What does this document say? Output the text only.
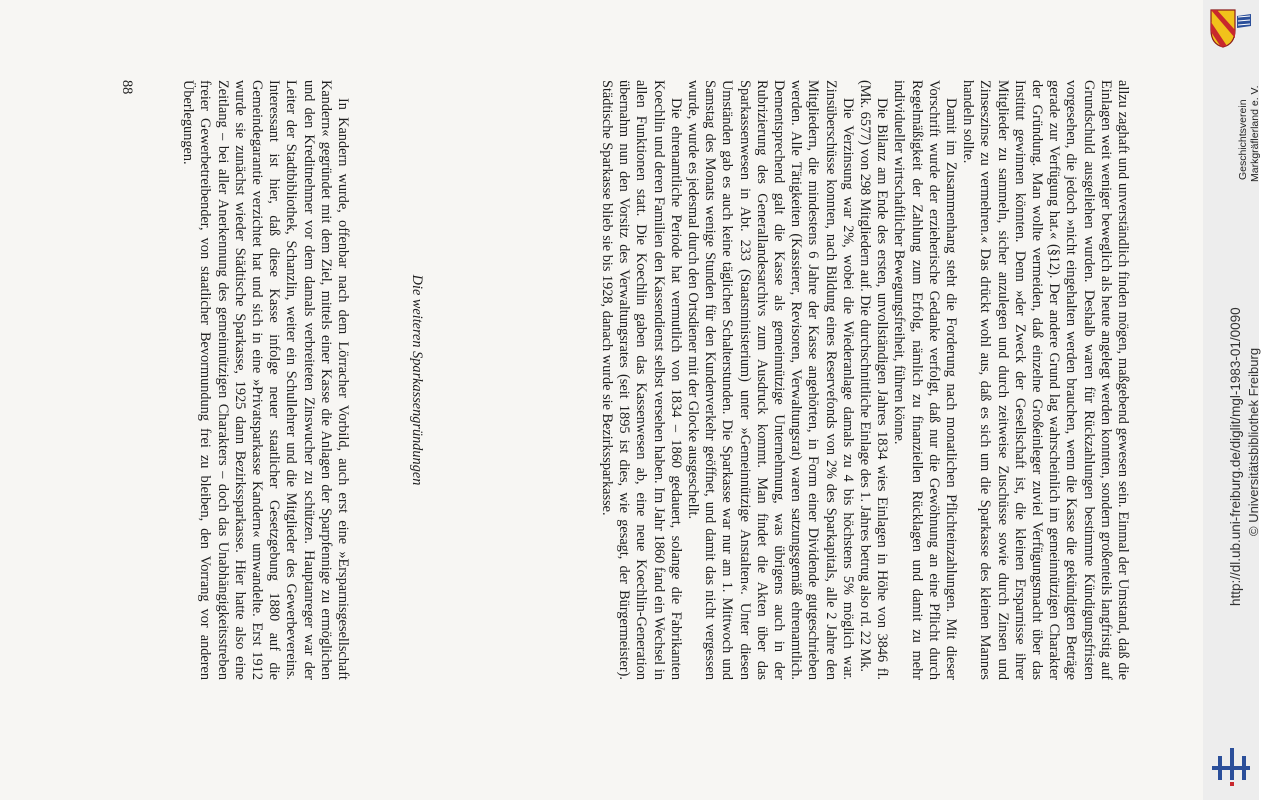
allzu zaghaft und unverständlich finden mögen, maßgebend gewesen sein. Einmal der Umstand, daß die Einlagen weit weniger beweglich als heute angelegt werden konnten, sondern großenteils langfristig auf Grundschuld ausgeliehen wurden. Deshalb waren für Rückzahlungen bestimmte Kündigungsfristen vorgesehen, die jedoch »nicht eingehalten werden brauchen, wenn die Kasse die gekündigten Beträge gerade zur Verfügung hat.« (§12). Der andere Grund lag wahrscheinlich im gemeinnützigen Charakter der Gründung. Man wollte vermeiden, daß einzelne Großeinleger zuviel Verfügungsmacht über das Institut gewinnen könnten. Denn »der Zweck der Gesellschaft ist, die kleinen Ersparnisse ihrer Mitglieder zu sammeln, sicher anzulegen und durch zeitweise Zuschüsse sowie durch Zinsen und Zinseszinse zu vermehren.« Das drückt wohl aus, daß es sich um die Sparkasse des kleinen Mannes handeln sollte.

Damit im Zusammenhang steht die Forderung nach monatlichen Pflichteinzahlungen. Mit dieser Vorschrift wurde der erzieherische Gedanke verfolgt, daß nur die Gewöhnung an eine Pflicht durch Regelmäßigkeit der Zahlung zum Erfolg, nämlich zu finanziellen Rücklagen und damit zu mehr individueller wirtschaftlicher Bewegungsfreiheit, führen könne.

Die Bilanz am Ende des ersten, unvollständigen Jahres 1834 wies Einlagen in Höhe von 3846 fl. (Mk. 6577) von 298 Mitgliedern auf. Die durchschnittliche Einlage des 1. Jahres betrug also rd. 22 Mk.

Die Verzinsung war 2%, wobei die Wiederanlage damals zu 4 bis höchstens 5% möglich war. Zinsüberschüsse konnten, nach Bildung eines Reservefonds von 2% des Sparkapitals, alle 2 Jahre den Mitgliedern, die mindestens 6 Jahre der Kasse angehörten, in Form einer Dividende gutgeschrieben werden. Alle Tätigkeiten (Kassierer, Revisoren, Verwaltungsrat) waren satzungsgemäß ehrenamtlich. Dementsprechend galt die Kasse als gemeinnützige Unternehmung, was übrigens auch in der Rubrizierung des Generallandesarchivs zum Ausdruck kommt. Man findet die Akten über das Sparkassenwesen in Abt. 233 (Staatsministerium) unter »Gemeinnützige Anstalten«. Unter diesen Umständen gab es auch keine täglichen Schalterstunden. Die Sparkasse war nur am 1. Mittwoch und Samstag des Monats wenige Stunden für den Kundenverkehr geöffnet, und damit das nicht vergessen wurde, wurde es jedesmal durch den Ortsdiener mit der Glocke ausgeschellt.

Die ehrenamtliche Periode hat vermutlich von 1834 – 1860 gedauert, solange die Fabrikanten Koechlin und deren Familien den Kassendienst selbst versehen haben. Im Jahr 1860 fand ein Wechsel in allen Funktionen statt. Die Koechlin gaben das Kassenwesen ab, eine neue Koechlin-Generation übernahm nun den Vorsitz des Verwaltungsrates (seit 1895 ist dies, wie gesagt, der Bürgermeister). Städtische Sparkasse blieb sie bis 1928, danach wurde sie Bezirkssparkasse.

Die weiteren Sparkassengründungen

In Kandern wurde, offenbar nach dem Lörracher Vorbild, auch erst eine »Ersparnisgesellschaft Kandern« gegründet mit dem Ziel, mittels einer Kasse die Anlagen der Sparpfennige zu ermöglichen und den Kreditnehmer vor dem damals verbreiteten Zinswucher zu schützen. Hauptanreger war der Leiter der Stadtbibliothek, Schanzlin, weiter ein Schullehrer und die Mitglieder des Gewerbevereins. Interessant ist hier, daß diese Kasse infolge neuer staatlicher Gesetzgebung 1880 auf die Gemeindegarantie verzichtet hat und sich in eine »Privatsparkasse Kandern« umwandelte. Erst 1912 wurde sie zunächst wieder Städtische Sparkasse, 1925 dann Bezirkssparkasse. Hier hatte also eine Zeitlang – bei aller Anerkennung des gemeinnützigen Charakters – doch das Unabhängigkeitsstreben freier Gewerbetreibender, von staatlicher Bevormundung frei zu bleiben, den Vorrang vor anderen Überlegungen.

88
Geschichtsverein Markgräflerland e. V.
http://dl.ub.uni-freiburg.de/diglit/mgl-1983-01/0090 © Universitätsbibliothek Freiburg
